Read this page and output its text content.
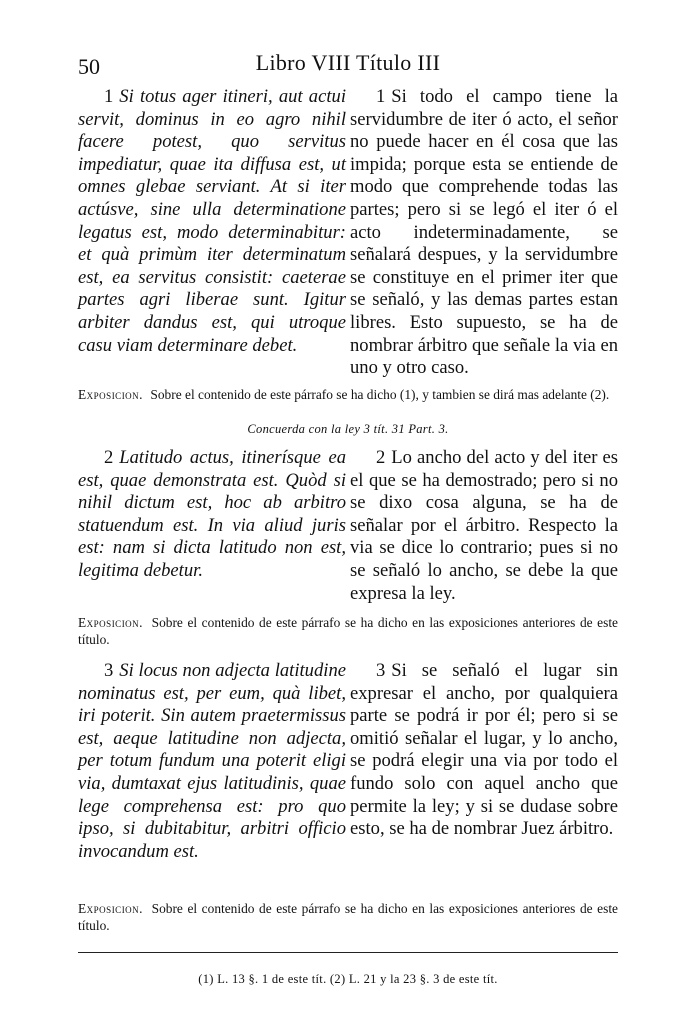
50	Libro VIII Título III

1 Si totus ager itineri, aut actui servit, dominus in eo agro nihil facere potest, quo servitus impediatur, quae ita diffusa est, ut omnes glebae serviant. At si iter actúsve, sine ulla determinatione legatus est, modo determinabitur: et quà primùm iter determinatum est, ea servitus consistit: caeterae partes agri liberae sunt. Igitur arbiter dandus est, qui utroque casu viam determinare debet.

1 Si todo el campo tiene la servidumbre de iter ó acto, el señor no puede hacer en él cosa que las impida; porque esta se entiende de modo que comprehende todas las partes; pero si se legó el iter ó el acto indeterminadamente, se señalará despues, y la servidumbre se constituye en el primer iter que se señaló, y las demas partes estan libres. Esto supuesto, se ha de nombrar árbitro que señale la via en uno y otro caso.

Exposicion. Sobre el contenido de este párrafo se ha dicho (1), y tambien se dirá mas adelante (2).
Concuerda con la ley 3 tít. 31 Part. 3.

2 Latitudo actus, itinerísque ea est, quae demonstrata est. Quòd si nihil dictum est, hoc ab arbitro statuendum est. In via aliud juris est: nam si dicta latitudo non est, legitima debetur.

2 Lo ancho del acto y del iter es el que se ha demostrado; pero si no se dixo cosa alguna, se ha de señalar por el árbitro. Respecto la via se dice lo contrario; pues si no se señaló lo ancho, se debe la que expresa la ley.

Exposicion. Sobre el contenido de este párrafo se ha dicho en las exposiciones anteriores de este título.

3 Si locus non adjecta latitudine nominatus est, per eum, quà libet, iri poterit. Sin autem praetermissus est, aeque latitudine non adjecta, per totum fundum una poterit eligi via, dumtaxat ejus latitudinis, quae lege comprehensa est: pro quo ipso, si dubitabitur, arbitri officio invocandum est.

3 Si se señaló el lugar sin expresar el ancho, por qualquiera parte se podrá ir por él; pero si se omitió señalar el lugar, y lo ancho, se podrá elegir una via por todo el fundo solo con aquel ancho que permite la ley; y si se dudase sobre esto, se ha de nombrar Juez árbitro.

Exposicion. Sobre el contenido de este párrafo se ha dicho en las exposiciones anteriores de este título.
(1) L. 13 §. 1 de este tít. (2) L. 21 y la 23 §. 3 de este tít.
